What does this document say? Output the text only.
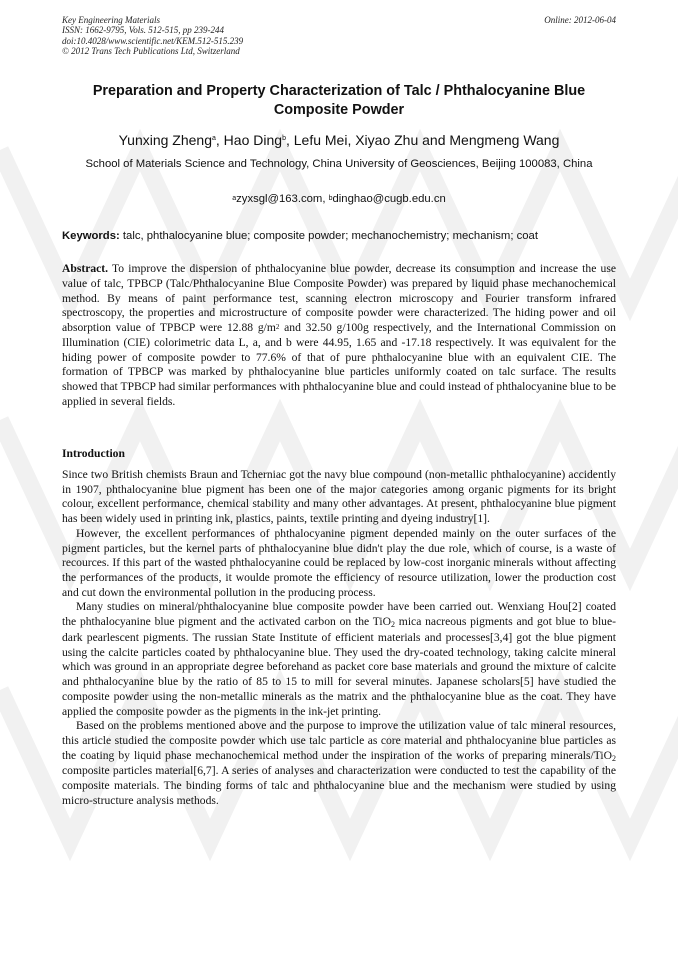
Key Engineering Materials
ISSN: 1662-9795, Vols. 512-515, pp 239-244
doi:10.4028/www.scientific.net/KEM.512-515.239
© 2012 Trans Tech Publications Ltd, Switzerland
Online: 2012-06-04
Preparation and Property Characterization of Talc / Phthalocyanine Blue Composite Powder
Yunxing Zheng$^a$, Hao Ding$^b$, Lefu Mei, Xiyao Zhu and Mengmeng Wang
School of Materials Science and Technology, China University of Geosciences, Beijing 100083, China
$^a$zyxsgl@163.com, $^b$dinghao@cugb.edu.cn
Keywords: talc, phthalocyanine blue; composite powder; mechanochemistry; mechanism; coat
Abstract. To improve the dispersion of phthalocyanine blue powder, decrease its consumption and increase the use value of talc, TPBCP (Talc/Phthalocyanine Blue Composite Powder) was prepared by liquid phase mechanochemical method. By means of paint performance test, scanning electron microscopy and Fourier transform infrared spectroscopy, the properties and microstructure of composite powder were characterized. The hiding power and oil absorption value of TPBCP were 12.88 $g/m^2$ and 32.50 g/100g respectively, and the International Commission on Illumination (CIE) colorimetric data L, a, and b were 44.95, 1.65 and -17.18 respectively. It was equivalent for the hiding power of composite powder to 77.6% of that of pure phthalocyanine blue with an equivalent CIE. The formation of TPBCP was marked by phthalocyanine blue particles uniformly coated on talc surface. The results showed that TPBCP had similar performances with phthalocyanine blue and could instead of phthalocyanine blue to be applied in several fields.
Introduction

Since two British chemists Braun and Tcherniac got the navy blue compound (non-metallic phthalocyanine) accidently in 1907, phthalocyanine blue pigment has been one of the major categories among organic pigments for its bright colour, excellent performance, chemical stability and many other advantages. At present, phthalocyanine blue pigment has been widely used in printing ink, plastics, paints, textile printing and dyeing industry[1].

However, the excellent performances of phthalocyanine pigment depended mainly on the outer surfaces of the pigment particles, but the kernel parts of phthalocyanine blue didn't play the due role, which of course, is a waste of recources. If this part of the wasted phthalocyanine could be replaced by low-cost inorganic minerals without affecting the performances of the products, it woulde promote the efficiency of resource utilization, lower the production cost and cut down the environmental pollution in the producing process.

Many studies on mineral/phthalocyanine blue composite powder have been carried out. Wenxiang Hou[2] coated the phthalocyanine blue pigment and the activated carbon on the TiO$_2$ mica nacreous pigments and got blue to blue-dark pearlescent pigments. The russian State Institute of efficient materials and processes[3,4] got the blue pigment using the calcite particles coated by phthalocyanine blue. They used the dry-coated technology, taking calcite mineral which was ground in an appropriate degree beforehand as packet core base materials and ground the mixture of calcite and phthalocyanine blue by the ratio of 85 to 15 to mill for several minutes. Japanese scholars[5] have studied the composite powder using the non-metallic minerals as the matrix and the phthalocyanine blue as the coat. They have applied the composite powder as the pigments in the ink-jet printing.

Based on the problems mentioned above and the purpose to improve the utilization value of talc mineral resources, this article studied the composite powder which use talc particle as core material and phthalocyanine blue particles as the coating by liquid phase mechanochemical method under the inspiration of the works of preparing minerals/TiO$_2$ composite particles material[6,7]. A series of analyses and characterization were conducted to test the capability of the composite materials. The binding forms of talc and phthalocyanine blue and the mechanism were studied by using micro-structure analysis methods.
